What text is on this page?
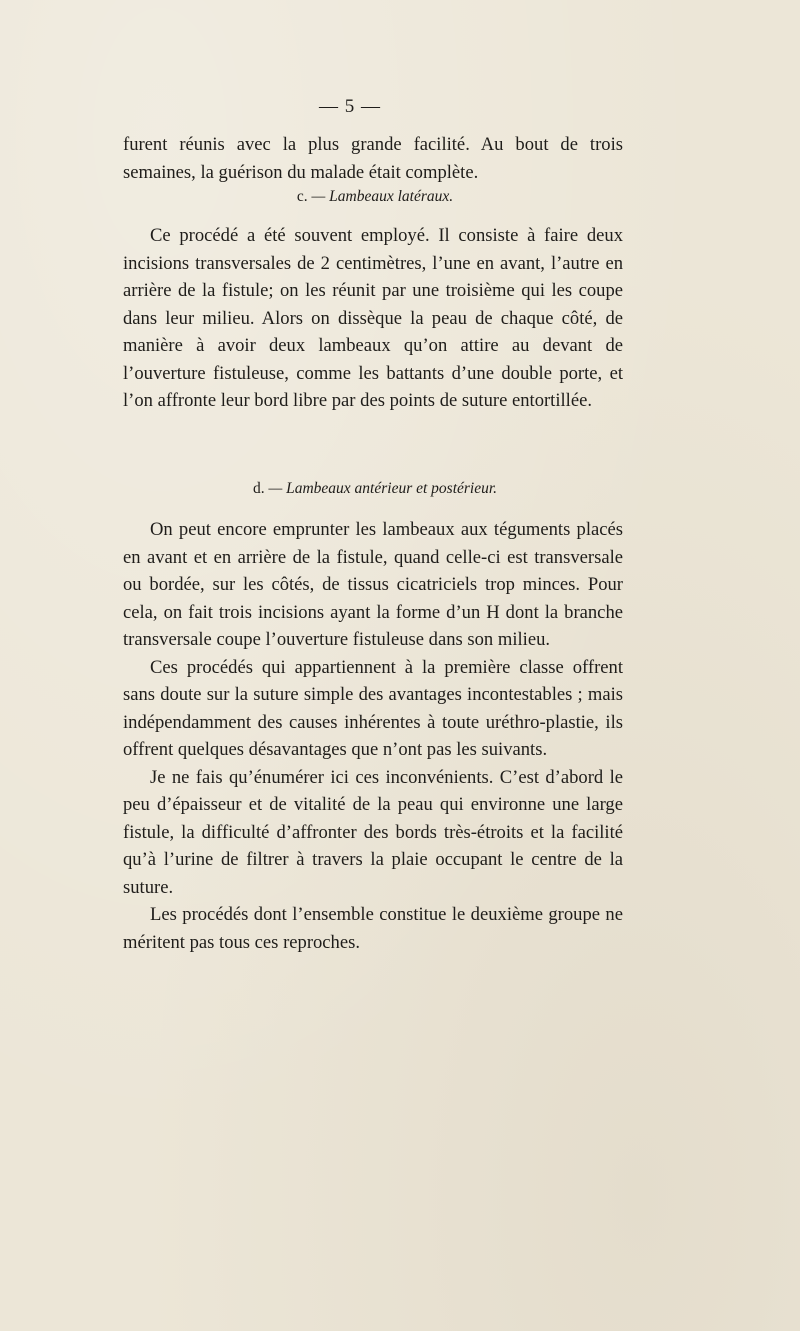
— 5 —

furent réunis avec la plus grande facilité. Au bout de trois semaines, la guérison du malade était complète.

c. — Lambeaux latéraux.

Ce procédé a été souvent employé. Il consiste à faire deux incisions transversales de 2 centimètres, l’une en avant, l’autre en arrière de la fistule; on les réunit par une troisième qui les coupe dans leur milieu. Alors on dissèque la peau de chaque côté, de manière à avoir deux lambeaux qu’on attire au devant de l’ouverture fistuleuse, comme les battants d’une double porte, et l’on affronte leur bord libre par des points de suture entortillée.

d. — Lambeaux antérieur et postérieur.

On peut encore emprunter les lambeaux aux téguments placés en avant et en arrière de la fistule, quand celle-ci est transversale ou bordée, sur les côtés, de tissus cicatriciels trop minces. Pour cela, on fait trois incisions ayant la forme d’un H dont la branche transversale coupe l’ouverture fistuleuse dans son milieu.

Ces procédés qui appartiennent à la première classe offrent sans doute sur la suture simple des avantages incontestables ; mais indépendamment des causes inhérentes à toute uréthro-plastie, ils offrent quelques désavantages que n’ont pas les suivants.

Je ne fais qu’énumérer ici ces inconvénients. C’est d’abord le peu d’épaisseur et de vitalité de la peau qui environne une large fistule, la difficulté d’affronter des bords très-étroits et la facilité qu’à l’urine de filtrer à travers la plaie occupant le centre de la suture.

Les procédés dont l’ensemble constitue le deuxième groupe ne méritent pas tous ces reproches.
